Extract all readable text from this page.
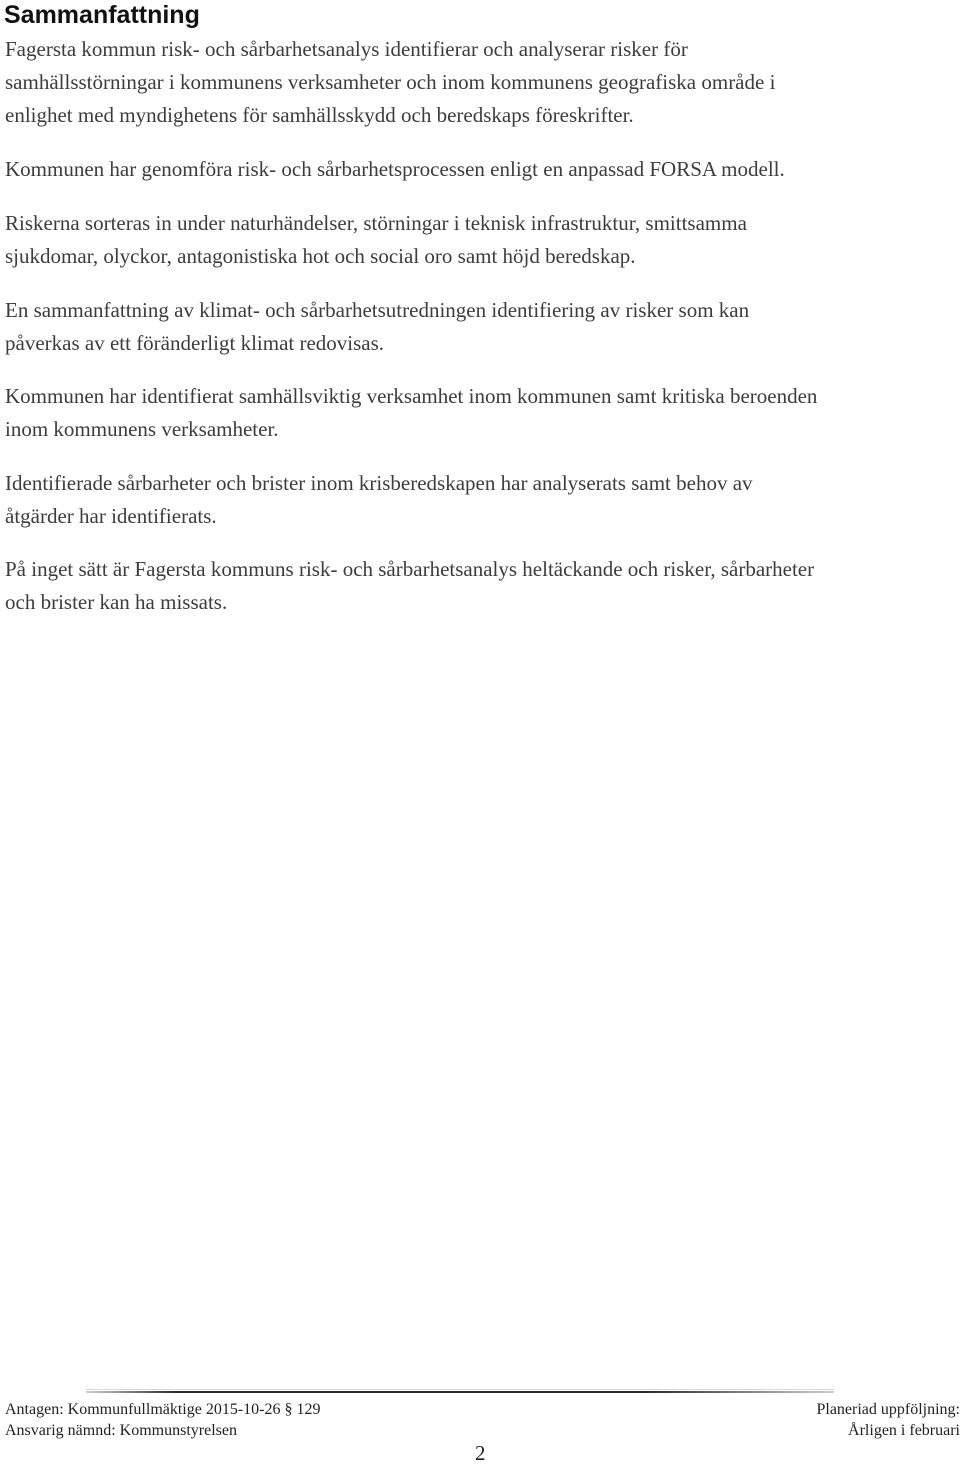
Sammanfattning

Fagersta kommun risk- och sårbarhetsanalys identifierar och analyserar risker för
samhällsstörningar i kommunens verksamheter och inom kommunens geografiska område i
enlighet med myndighetens för samhällsskydd och beredskaps föreskrifter.

Kommunen har genomföra risk- och sårbarhetsprocessen enligt en anpassad FORSA modell.

Riskerna sorteras in under naturhändelser, störningar i teknisk infrastruktur, smittsamma
sjukdomar, olyckor, antagonistiska hot och social oro samt höjd beredskap.

En sammanfattning av klimat- och sårbarhetsutredningen identifiering av risker som kan
påverkas av ett föränderligt klimat redovisas.

Kommunen har identifierat samhällsviktig verksamhet inom kommunen samt kritiska beroenden
inom kommunens verksamheter.

Identifierade sårbarheter och brister inom krisberedskapen har analyserats samt behov av
åtgärder har identifierats.

På inget sätt är Fagersta kommuns risk- och sårbarhetsanalys heltäckande och risker, sårbarheter
och brister kan ha missats.

Antagen: Kommunfullmäktige 2015-10-26 § 129
Ansvarig nämnd: Kommunstyrelsen
Planeriad uppföljning:
Årligen i februari
2
